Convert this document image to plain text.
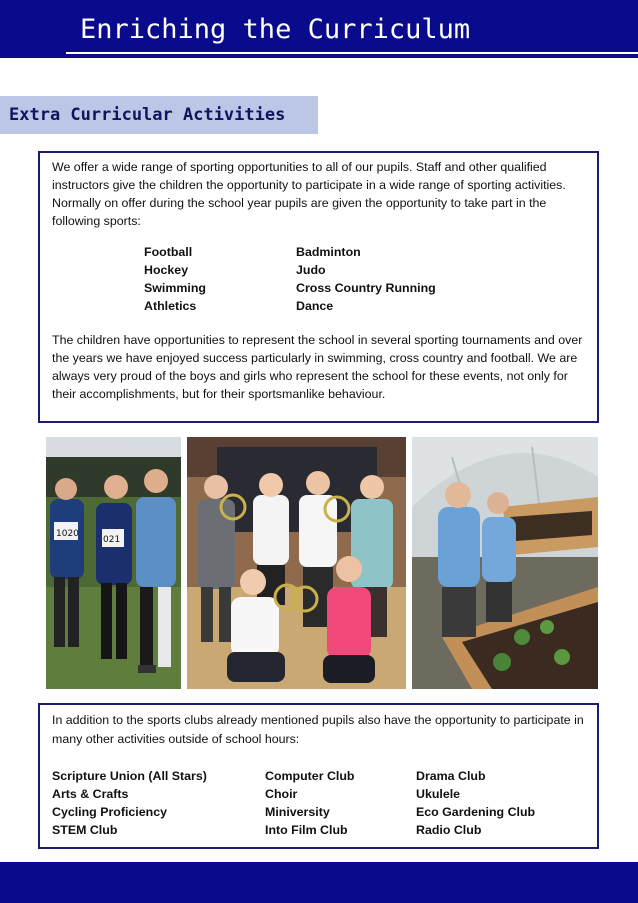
Enriching the Curriculum
Extra Curricular Activities

We offer a wide range of sporting opportunities to all of our pupils. Staff and other qualified instructors give the children the opportunity to participate in a wide range of sporting activities. Normally on offer during the school year pupils are given the opportunity to take part in the following sports:

Football
Hockey
Swimming
Athletics
Badminton
Judo
Cross Country Running
Dance

The children have opportunities to represent the school in several sporting tournaments and over the years we have enjoyed success particularly in swimming, cross country and football. We are always very proud of the boys and girls who represent the school for these events, not only for their accomplishments, but for their sportsmanlike behaviour.

1020
021

In addition to the sports clubs already mentioned pupils also have the opportunity to participate in many other activities outside of school hours:

Scripture Union (All Stars)
Arts & Crafts
Cycling Proficiency
STEM Club
Computer Club
Choir
Miniversity
Into Film Club
Drama Club
Ukulele
Eco Gardening Club
Radio Club
